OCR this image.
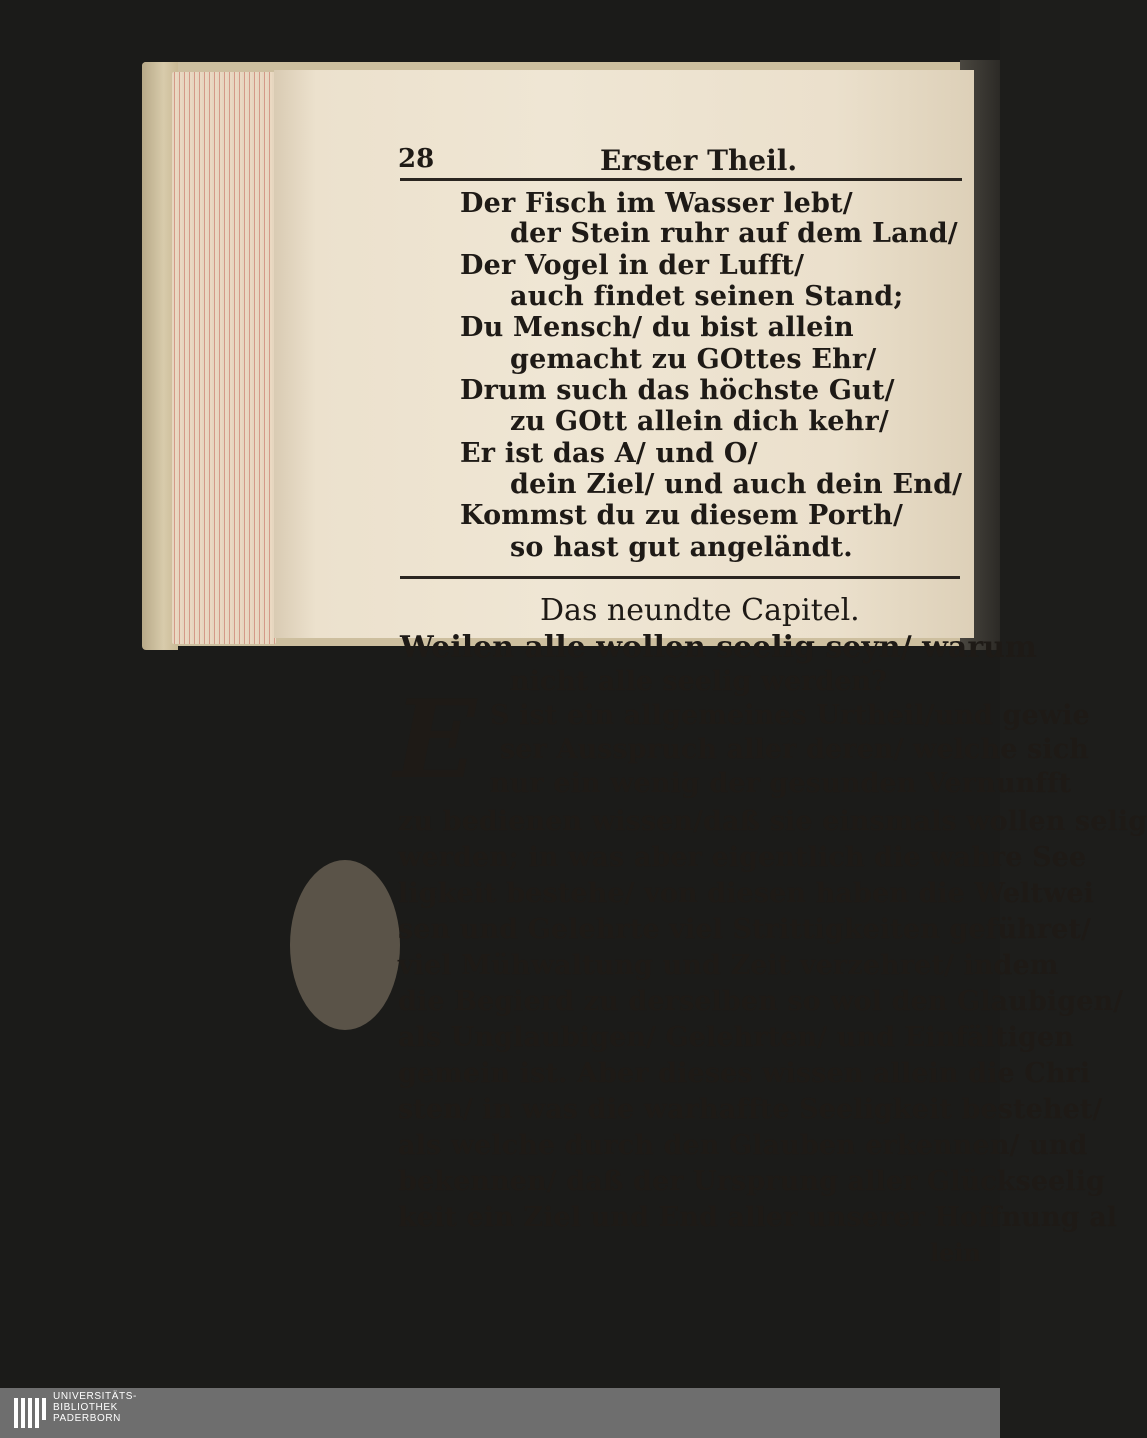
28	Erster Theil.
Der Fisch im Wasser lebt/
der Stein ruhr auf dem Land/
Der Vogel in der Lufft/
auch findet seinen Stand;
Du Mensch/ du bist allein
gemacht zu GOttes Ehr/
Drum such das höchste Gut/
zu GOtt allein dich kehr/
Er ist das A/ und O/
dein Ziel/ und auch dein End/
Kommst du zu diesem Porth/
so hast gut angeländt.
Das neundte Capitel.
Weilen alle wollen seelig seyn/ warum
nicht alle seelig werden?
E S ist ein allgemeines Urtheil/und gewie
ser Ausspruch aller deren/ welche sich
nur ein wenig der gesunden Vernunfft
zu bedienen wissen/daß sie einsmals wollen selig
werden; in was aber eigentlich die wahre See
ligkeit bestehe/ von diesen haben die Weltwei
sen und Gelehrte viel Strittigkeiten geführet/
viel Mühwaltung und Zeit verzehret/ indem
die Begierd zu derselben so wol den Glaubigen/
als Unglaubigen/ Gelehrten/ und Einfältigen
gemein ist. Aber dieses wissen allein die Chri
sten/ in was die warhaffte Seeligkeit bestehet/
als welche durch den Glauben erkennen/ und
bekennen/ daß der Ursprung aller Glückseelig
keit ein Ziel und End aller unserer Hoffnung al
lein
UNIVERSITÄTS-
BIBLIOTHEK
PADERBORN
